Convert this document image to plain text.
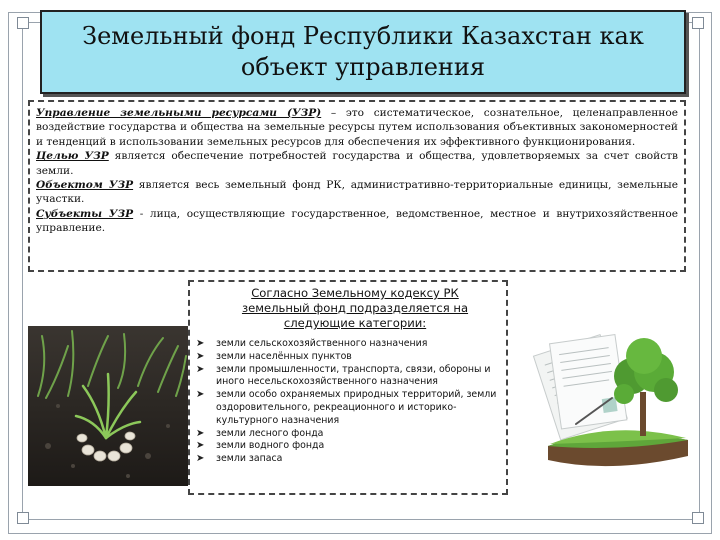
Земельный фонд Республики Казахстан как
объект управления

Управление земельными ресурсами (УЗР) – это систематическое, сознательное, целенаправленное воздействие государства и общества на земельные ресурсы путем использования объективных закономерностей и тенденций в использовании земельных ресурсов для обеспечения их эффективного функционирования.

Целью УЗР является обеспечение потребностей государства и общества, удовлетворяемых за счет свойств земли.

Объектом УЗР является весь земельный фонд РК, административно-территориальные единицы, земельные участки.

Субъекты УЗР - лица, осуществляющие государственное, ведомственное, местное и внутрихозяйственное управление.

Согласно Земельному кодексу РК земельный фонд подразделяется на следующие категории:
➤ земли сельскохозяйственного назначения
➤ земли населённых пунктов
➤ земли промышленности, транспорта, связи, обороны и иного несельскохозяйственного назначения
➤ земли особо охраняемых природных территорий, земли оздоровительного, рекреационного и историко-культурного назначения
➤ земли лесного фонда
➤ земли водного фонда
➤ земли запаса
